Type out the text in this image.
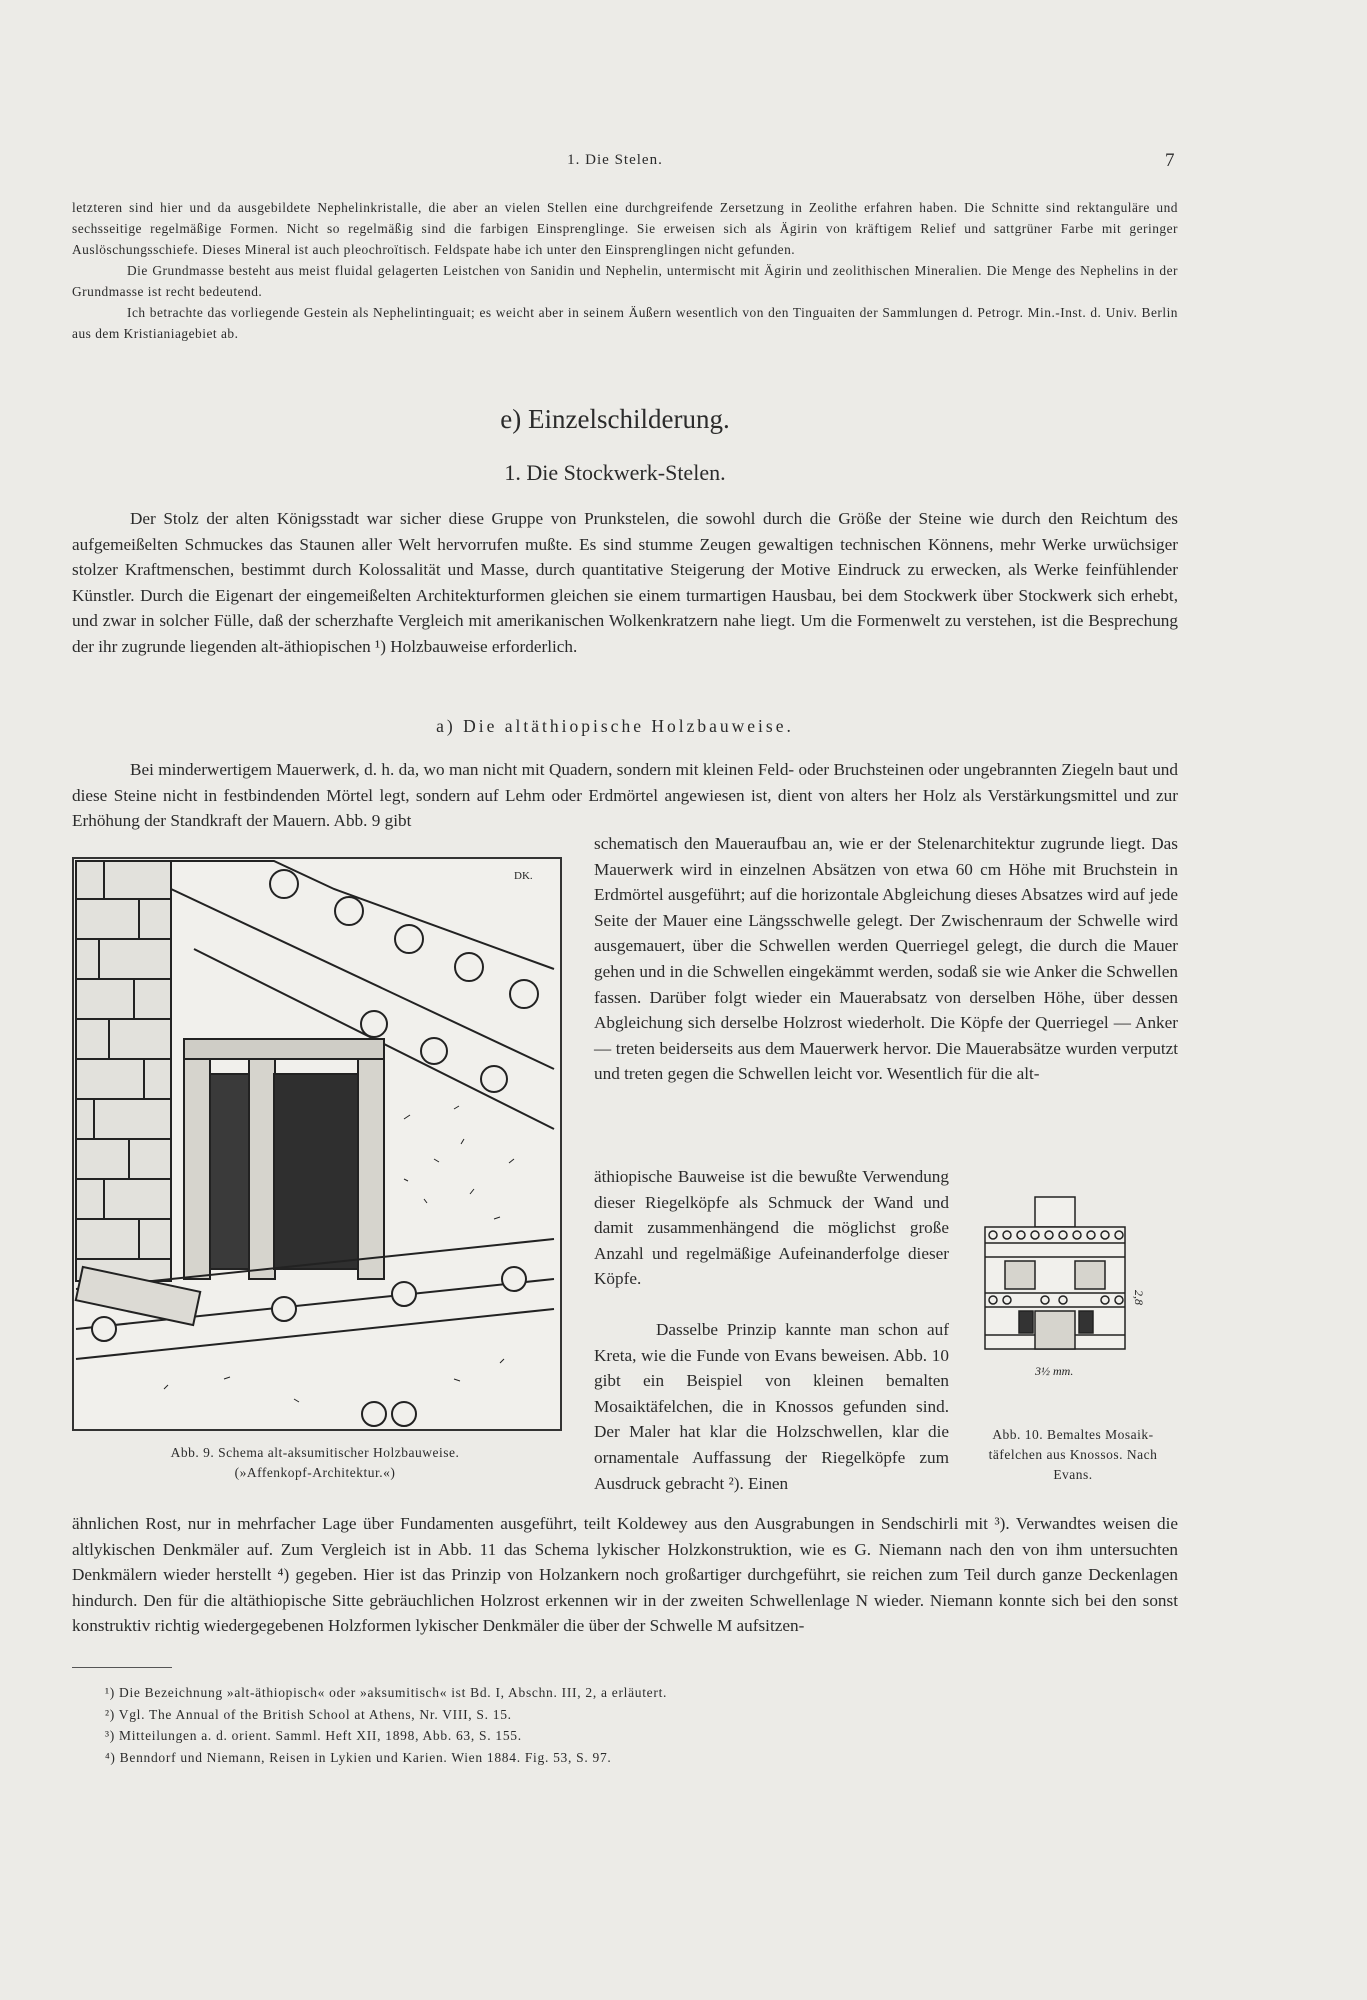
1. Die Stelen.	7

letzteren sind hier und da ausgebildete Nephelinkristalle, die aber an vielen Stellen eine durchgreifende Zersetzung in Zeolithe erfahren haben. Die Schnitte sind rektanguläre und sechsseitige regelmäßige Formen. Nicht so regelmäßig sind die farbigen Einsprenglinge. Sie erweisen sich als Ägirin von kräftigem Relief und sattgrüner Farbe mit geringer Auslöschungsschiefe. Dieses Mineral ist auch pleochroïtisch. Feldspate habe ich unter den Einsprenglingen nicht gefunden.

Die Grundmasse besteht aus meist fluidal gelagerten Leistchen von Sanidin und Nephelin, untermischt mit Ägirin und zeolithischen Mineralien. Die Menge des Nephelins in der Grundmasse ist recht bedeutend.

Ich betrachte das vorliegende Gestein als Nephelintinguait; es weicht aber in seinem Äußern wesentlich von den Tinguaiten der Sammlungen d. Petrogr. Min.-Inst. d. Univ. Berlin aus dem Kristianiagebiet ab.

e) Einzelschilderung.
1. Die Stockwerk-Stelen.
Der Stolz der alten Königsstadt war sicher diese Gruppe von Prunkstelen, die sowohl durch die Größe der Steine wie durch den Reichtum des aufgemeißelten Schmuckes das Staunen aller Welt hervorrufen mußte. Es sind stumme Zeugen gewaltigen technischen Könnens, mehr Werke urwüchsiger stolzer Kraftmenschen, bestimmt durch Kolossalität und Masse, durch quantitative Steigerung der Motive Eindruck zu erwecken, als Werke feinfühlender Künstler. Durch die Eigenart der eingemeißelten Architekturformen gleichen sie einem turmartigen Hausbau, bei dem Stockwerk über Stockwerk sich erhebt, und zwar in solcher Fülle, daß der scherzhafte Vergleich mit amerikanischen Wolkenkratzern nahe liegt. Um die Formenwelt zu verstehen, ist die Besprechung der ihr zugrunde liegenden alt-äthiopischen ¹) Holzbauweise erforderlich.
a) Die altäthiopische Holzbauweise.
Bei minderwertigem Mauerwerk, d. h. da, wo man nicht mit Quadern, sondern mit kleinen Feld- oder Bruchsteinen oder ungebrannten Ziegeln baut und diese Steine nicht in festbindenden Mörtel legt, sondern auf Lehm oder Erdmörtel angewiesen ist, dient von alters her Holz als Verstärkungsmittel und zur Erhöhung der Standkraft der Mauern. Abb. 9 gibt
DK.
Abb. 9. Schema alt-aksumitischer Holzbauweise.
(»Affenkopf-Architektur.«)
schematisch den Maueraufbau an, wie er der Stelenarchitektur zugrunde liegt. Das Mauerwerk wird in einzelnen Absätzen von etwa 60 cm Höhe mit Bruchstein in Erdmörtel ausgeführt; auf die horizontale Abgleichung dieses Absatzes wird auf jede Seite der Mauer eine Längsschwelle gelegt. Der Zwischenraum der Schwelle wird ausgemauert, über die Schwellen werden Querriegel gelegt, die durch die Mauer gehen und in die Schwellen eingekämmt werden, sodaß sie wie Anker die Schwellen fassen. Darüber folgt wieder ein Mauerabsatz von derselben Höhe, über dessen Abgleichung sich derselbe Holzrost wiederholt. Die Köpfe der Querriegel — Anker — treten beiderseits aus dem Mauerwerk hervor. Die Mauerabsätze wurden verputzt und treten gegen die Schwellen leicht vor. Wesentlich für die alt-
äthiopische Bauweise ist die bewußte Verwendung dieser Riegelköpfe als Schmuck der Wand und damit zusammenhängend die möglichst große Anzahl und regelmäßige Aufeinanderfolge dieser Köpfe.
Dasselbe Prinzip kannte man schon auf Kreta, wie die Funde von Evans beweisen. Abb. 10 gibt ein Beispiel von kleinen bemalten Mosaiktäfelchen, die in Knossos gefunden sind. Der Maler hat klar die Holzschwellen, klar die ornamentale Auffassung der Riegelköpfe zum Ausdruck gebracht ²). Einen
3½ mm.
2,8
Abb. 10. Bemaltes Mosaik-
täfelchen aus Knossos. Nach
Evans.
ähnlichen Rost, nur in mehrfacher Lage über Fundamenten ausgeführt, teilt Koldewey aus den Ausgrabungen in Sendschirli mit ³). Verwandtes weisen die altlykischen Denkmäler auf. Zum Vergleich ist in Abb. 11 das Schema lykischer Holzkonstruktion, wie es G. Niemann nach den von ihm untersuchten Denkmälern wieder herstellt ⁴) gegeben. Hier ist das Prinzip von Holzankern noch großartiger durchgeführt, sie reichen zum Teil durch ganze Deckenlagen hindurch. Den für die altäthiopische Sitte gebräuchlichen Holzrost erkennen wir in der zweiten Schwellenlage N wieder. Niemann konnte sich bei den sonst konstruktiv richtig wiedergegebenen Holzformen lykischer Denkmäler die über der Schwelle M aufsitzen-
¹) Die Bezeichnung »alt-äthiopisch« oder »aksumitisch« ist Bd. I, Abschn. III, 2, a erläutert.
²) Vgl. The Annual of the British School at Athens, Nr. VIII, S. 15.
³) Mitteilungen a. d. orient. Samml. Heft XII, 1898, Abb. 63, S. 155.
⁴) Benndorf und Niemann, Reisen in Lykien und Karien. Wien 1884. Fig. 53, S. 97.
